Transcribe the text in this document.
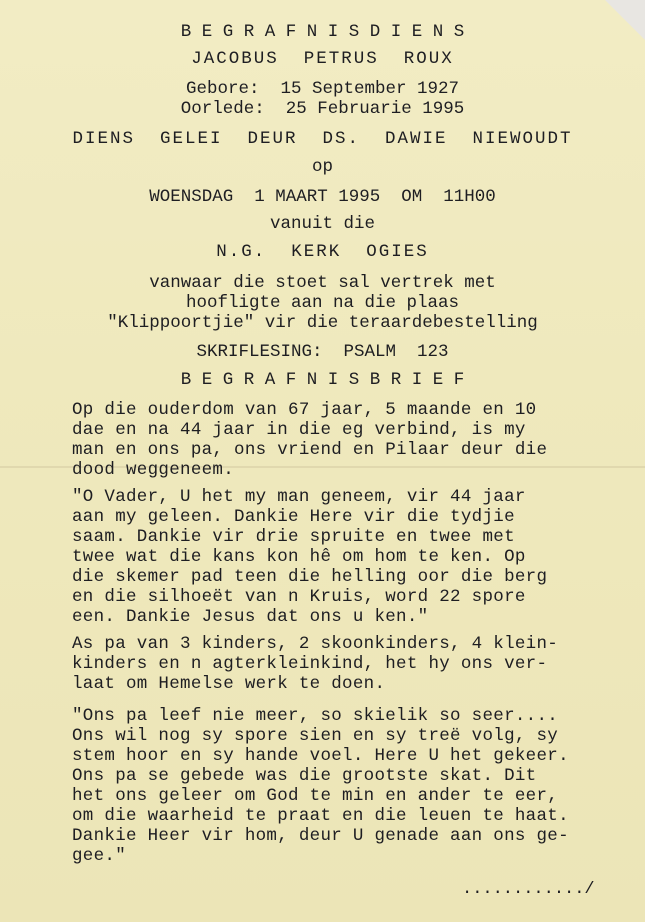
B E G R A F N I S D I E N S
JACOBUS  PETRUS  ROUX
Gebore:  15 September 1927
Oorlede:  25 Februarie 1995
DIENS  GELEI  DEUR  DS.  DAWIE  NIEWOUDT
op
WOENSDAG  1 MAART 1995  OM  11H00
vanuit die
N.G.  KERK  OGIES
vanwaar die stoet sal vertrek met
hoofligte aan na die plaas
"Klippoortjie" vir die teraardebestelling
SKRIFLESING:  PSALM  123
B E G R A F N I S B R I E F
Op die ouderdom van 67 jaar, 5 maande en 10
dae en na 44 jaar in die eg verbind, is my
man en ons pa, ons vriend en Pilaar deur die
dood weggeneem.
"O Vader, U het my man geneem, vir 44 jaar
aan my geleen. Dankie Here vir die tydjie
saam. Dankie vir drie spruite en twee met
twee wat die kans kon hê om hom te ken. Op
die skemer pad teen die helling oor die berg
en die silhoeët van n Kruis, word 22 spore
een. Dankie Jesus dat ons u ken."
As pa van 3 kinders, 2 skoonkinders, 4 klein-
kinders en n agterkleinkind, het hy ons ver-
laat om Hemelse werk te doen.
"Ons pa leef nie meer, so skielik so seer....
Ons wil nog sy spore sien en sy treë volg, sy
stem hoor en sy hande voel. Here U het gekeer.
Ons pa se gebede was die grootste skat. Dit
het ons geleer om God te min en ander te eer,
om die waarheid te praat en die leuen te haat.
Dankie Heer vir hom, deur U genade aan ons ge-
gee."
............/
